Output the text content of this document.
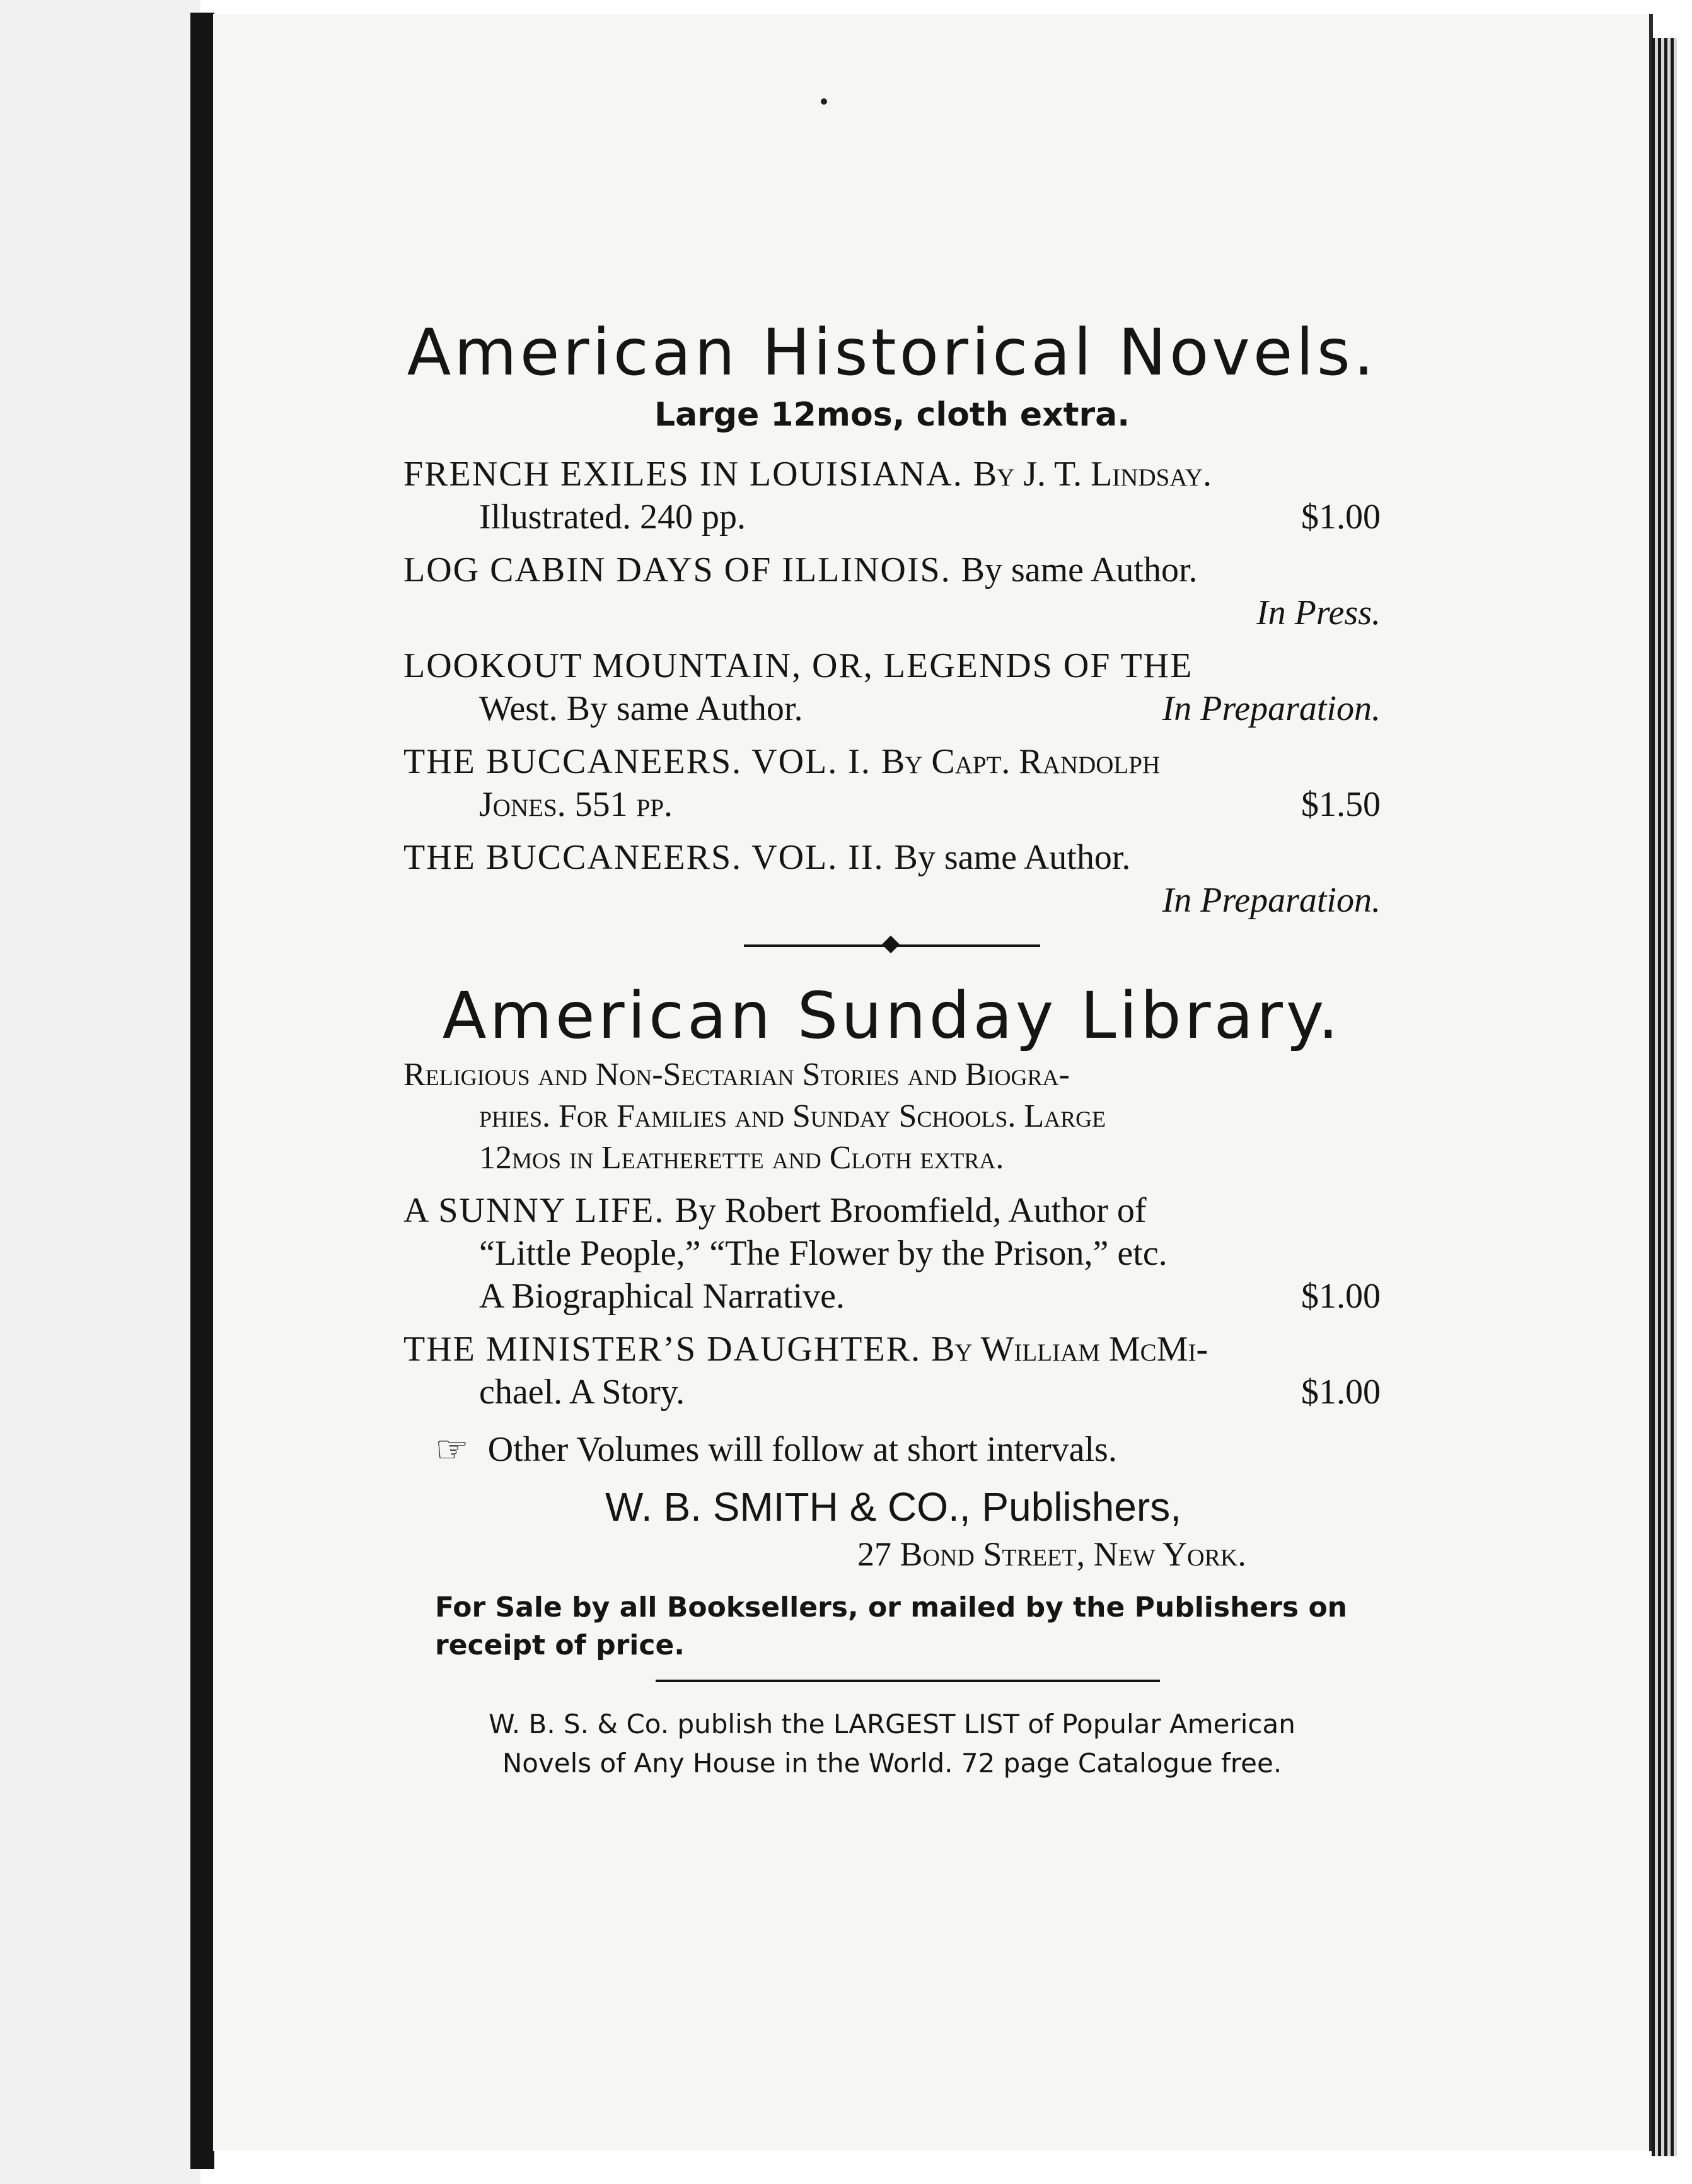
American Historical Novels.
Large 12mos, cloth extra.
FRENCH EXILES IN LOUISIANA. By J. T. Lindsay.
Illustrated. 240 pp.	$1.00
LOG CABIN DAYS OF ILLINOIS. By same Author.
In Press.
LOOKOUT MOUNTAIN, OR, LEGENDS OF THE
West. By same Author.	In Preparation.
THE BUCCANEERS. VOL. I. By Capt. Randolph
Jones. 551 pp.	$1.50
THE BUCCANEERS. VOL. II. By same Author.
In Preparation.
American Sunday Library.
Religious and Non-Sectarian Stories and Biogra-
phies. For Families and Sunday Schools. Large
12mos in Leatherette and Cloth extra.
A SUNNY LIFE. By Robert Broomfield, Author of
“Little People,” “The Flower by the Prison,” etc.
A Biographical Narrative.	$1.00
THE MINISTER’S DAUGHTER. By William McMi-
chael. A Story.	$1.00
☞ Other Volumes will follow at short intervals.
W. B. SMITH & CO., Publishers,
27 Bond Street, New York.
For Sale by all Booksellers, or mailed by the Publishers on receipt of price.
W. B. S. & Co. publish the LARGEST LIST of Popular American
Novels of Any House in the World. 72 page Catalogue free.
